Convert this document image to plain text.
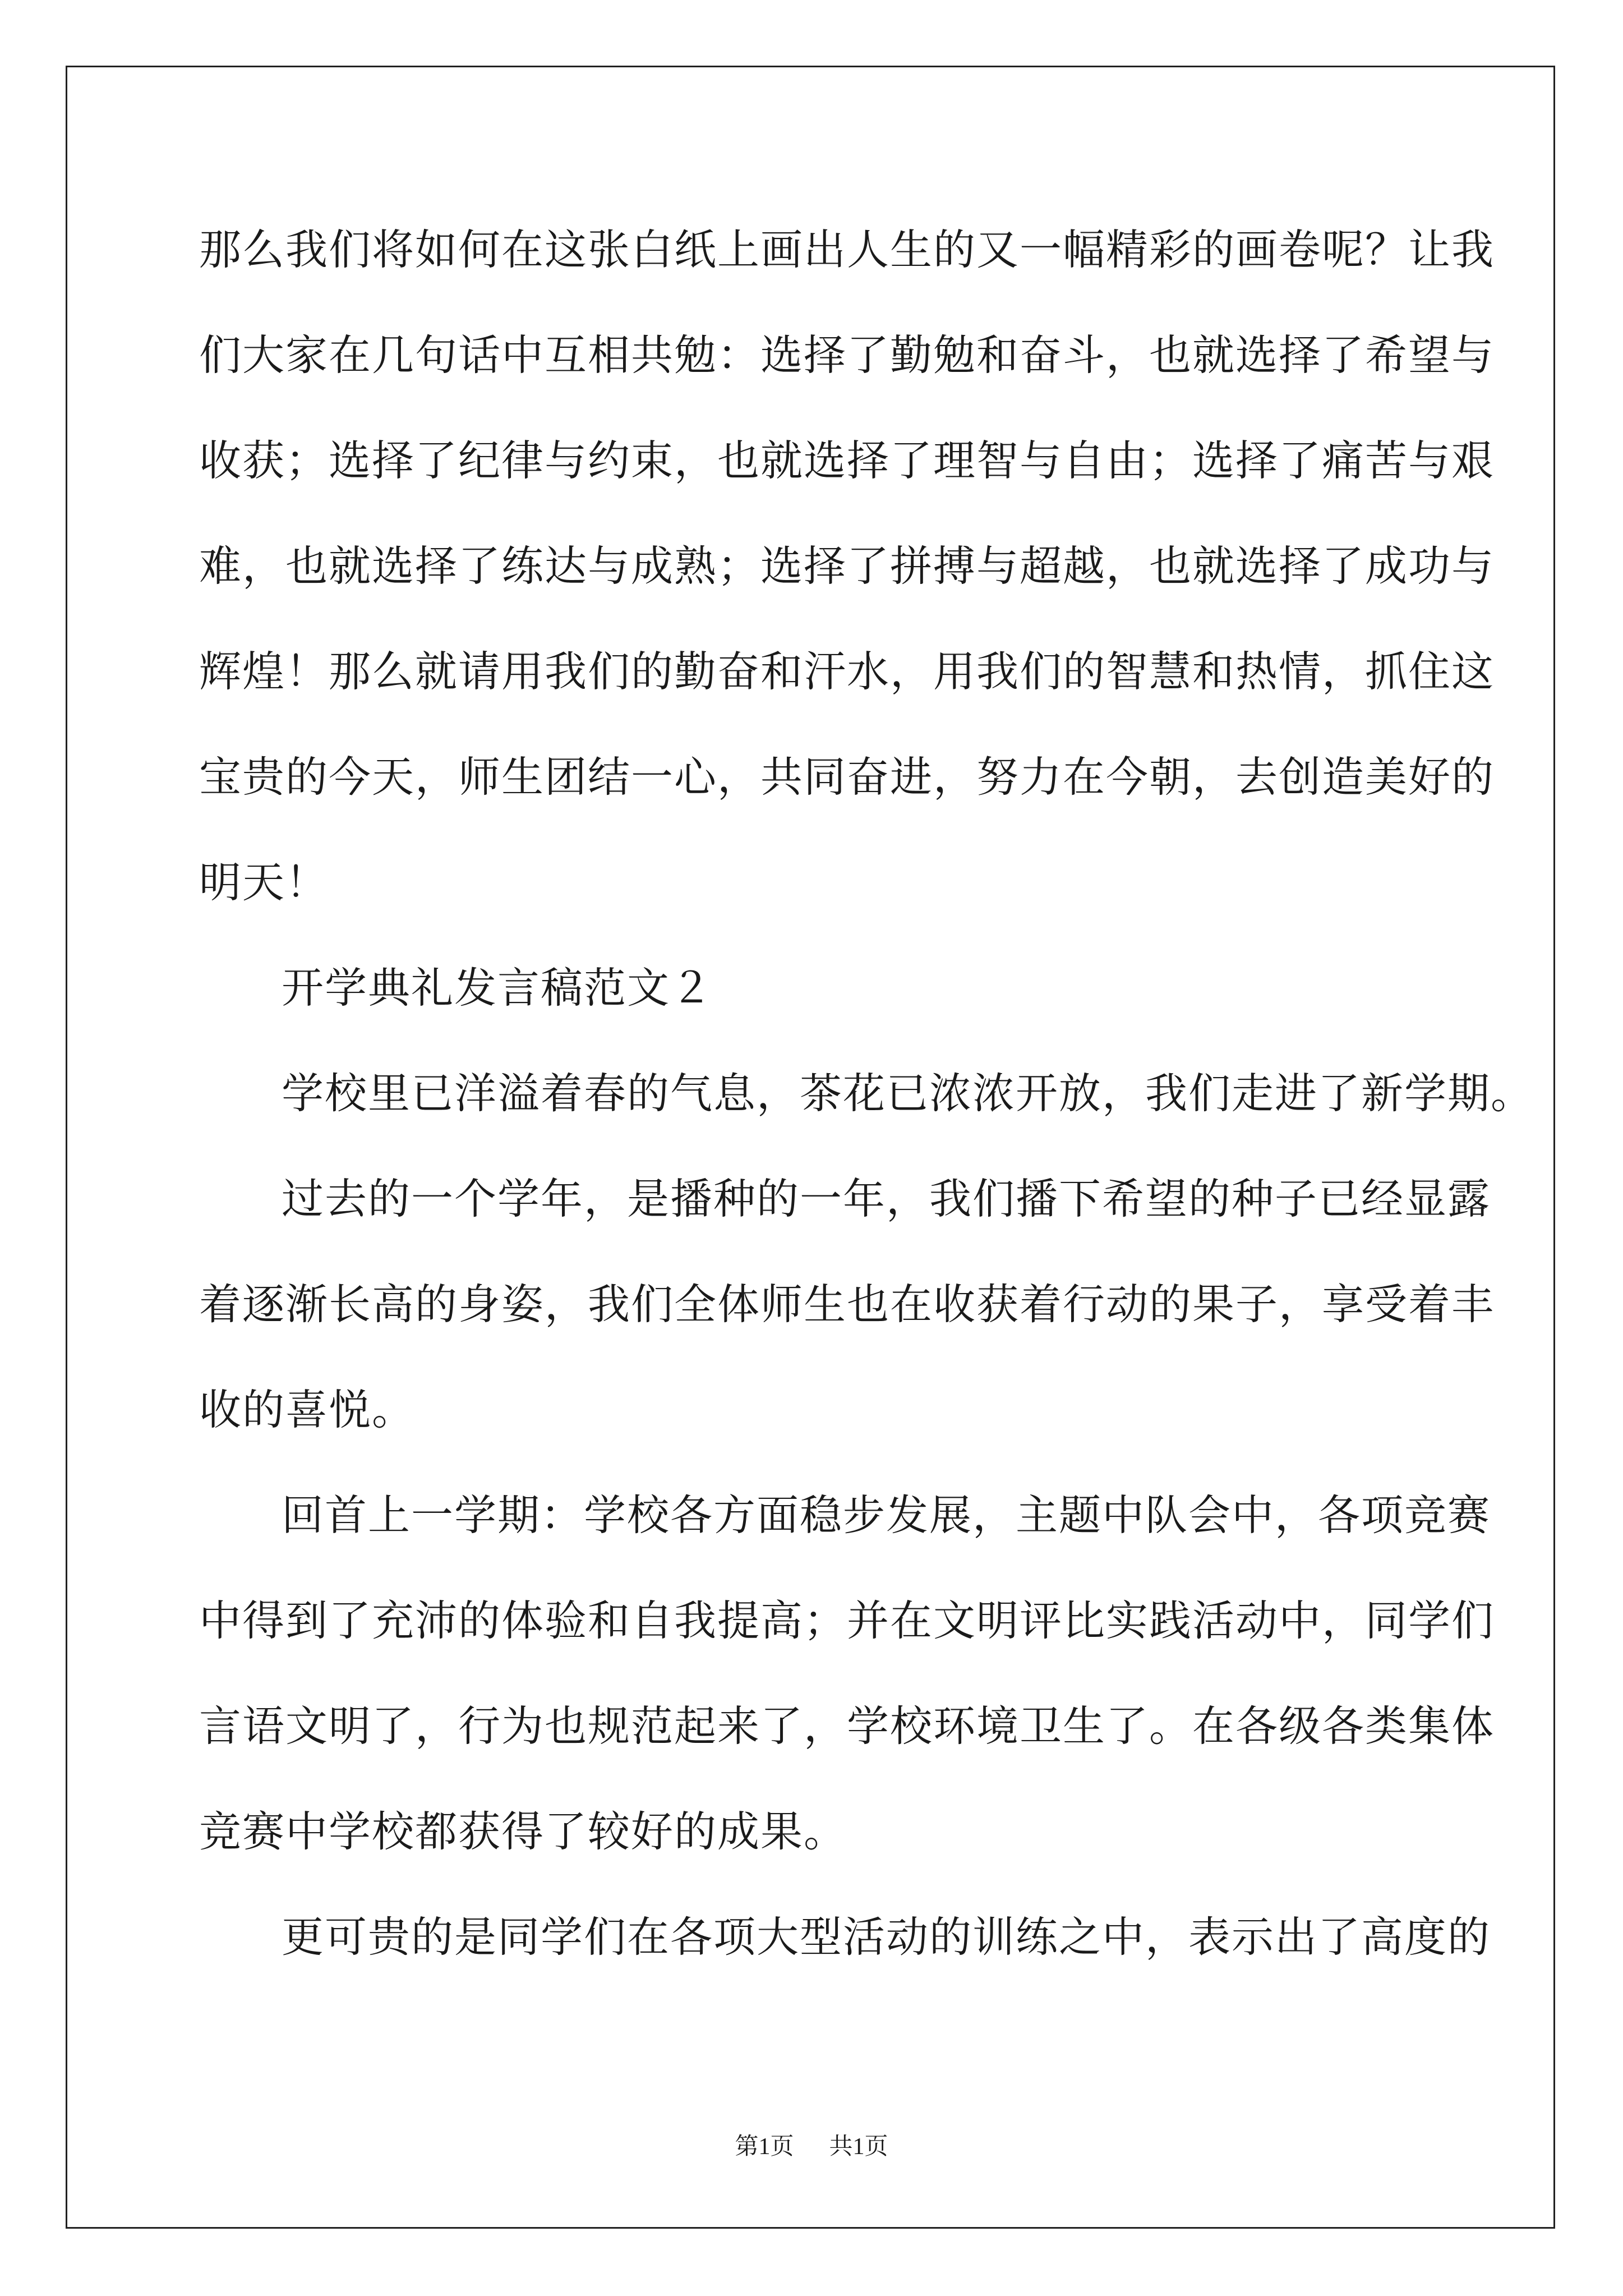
那么我们将如何在这张白纸上画出人生的又一幅精彩的画卷呢？让我

们大家在几句话中互相共勉：选择了勤勉和奋斗，也就选择了希望与

收获；选择了纪律与约束，也就选择了理智与自由；选择了痛苦与艰

难，也就选择了练达与成熟；选择了拼搏与超越，也就选择了成功与

辉煌！那么就请用我们的勤奋和汗水，用我们的智慧和热情，抓住这

宝贵的今天，师生团结一心，共同奋进，努力在今朝，去创造美好的

明天！

开学典礼发言稿范文２

学校里已洋溢着春的气息，茶花已浓浓开放，我们走进了新学期。

过去的一个学年，是播种的一年，我们播下希望的种子已经显露

着逐渐长高的身姿，我们全体师生也在收获着行动的果子，享受着丰

收的喜悦。

回首上一学期：学校各方面稳步发展，主题中队会中，各项竞赛

中得到了充沛的体验和自我提高；并在文明评比实践活动中，同学们

言语文明了，行为也规范起来了，学校环境卫生了。在各级各类集体

竞赛中学校都获得了较好的成果。

更可贵的是同学们在各项大型活动的训练之中，表示出了高度的

第1页 共1页
